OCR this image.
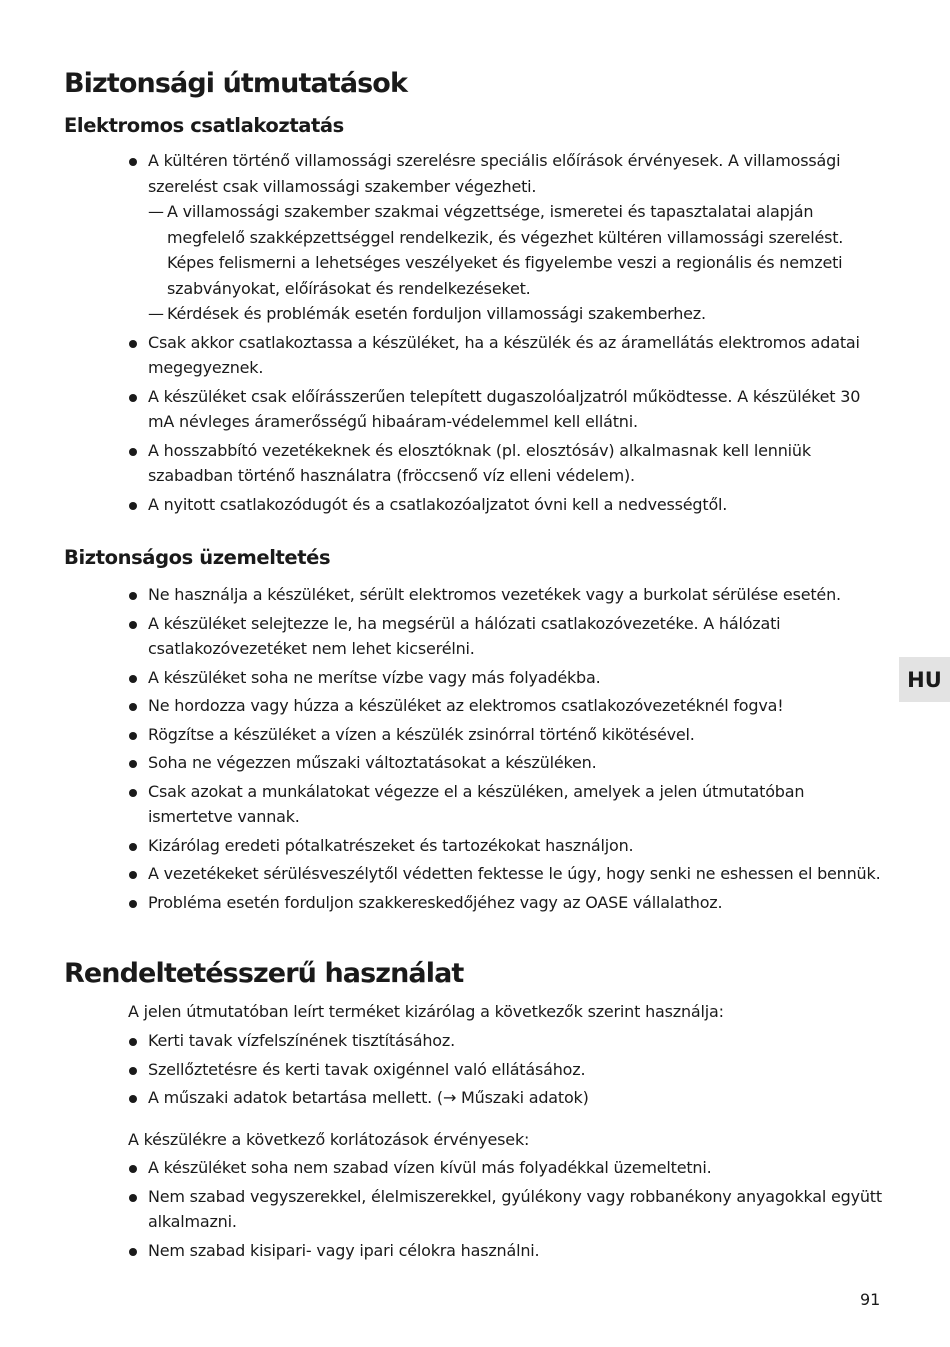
Biztonsági útmutatások
Elektromos csatlakoztatás
A kültéren történő villamossági szerelésre speciális előírások érvényesek. A villamossági szerelést csak villamossági szakember végezheti.
— A villamossági szakember szakmai végzettsége, ismeretei és tapasztalatai alapján megfelelő szakképzettséggel rendelkezik, és végezhet kültéren villamossági szerelést. Képes felismerni a lehetséges veszélyeket és figyelembe veszi a regionális és nemzeti szabványokat, előírásokat és rendelkezéseket.
— Kérdések és problémák esetén forduljon villamossági szakemberhez.
Csak akkor csatlakoztassa a készüléket, ha a készülék és az áramellátás elektromos adatai megegyeznek.
A készüléket csak előírásszerűen telepített dugaszolóaljzatról működtesse. A készüléket 30 mA névleges áramerősségű hibaáram-védelemmel kell ellátni.
A hosszabbító vezetékeknek és elosztóknak (pl. elosztósáv) alkalmasnak kell lenniük szabadban történő használatra (fröccsenő víz elleni védelem).
A nyitott csatlakozódugót és a csatlakozóaljzatot óvni kell a nedvességtől.
Biztonságos üzemeltetés
Ne használja a készüléket, sérült elektromos vezetékek vagy a burkolat sérülése esetén.
A készüléket selejtezze le, ha megsérül a hálózati csatlakozóvezetéke. A hálózati csatlakozóvezetéket nem lehet kicserélni.
A készüléket soha ne merítse vízbe vagy más folyadékba.
Ne hordozza vagy húzza a készüléket az elektromos csatlakozóvezetéknél fogva!
Rögzítse a készüléket a vízen a készülék zsinórral történő kikötésével.
Soha ne végezzen műszaki változtatásokat a készüléken.
Csak azokat a munkálatokat végezze el a készüléken, amelyek a jelen útmutatóban ismertetve vannak.
Kizárólag eredeti pótalkatrészeket és tartozékokat használjon.
A vezetékeket sérülésveszélytől védetten fektesse le úgy, hogy senki ne eshessen el bennük.
Probléma esetén forduljon szakkereskedőjéhez vagy az OASE vállalathoz.
Rendeltetésszerű használat

A jelen útmutatóban leírt terméket kizárólag a következők szerint használja:

Kerti tavak vízfelszínének tisztításához.
Szellőztetésre és kerti tavak oxigénnel való ellátásához.
A műszaki adatok betartása mellett. (→ Műszaki adatok)

A készülékre a következő korlátozások érvényesek:

A készüléket soha nem szabad vízen kívül más folyadékkal üzemeltetni.
Nem szabad vegyszerekkel, élelmiszerekkel, gyúlékony vagy robbanékony anyagokkal együtt alkalmazni.
Nem szabad kisipari- vagy ipari célokra használni.
HU
91
